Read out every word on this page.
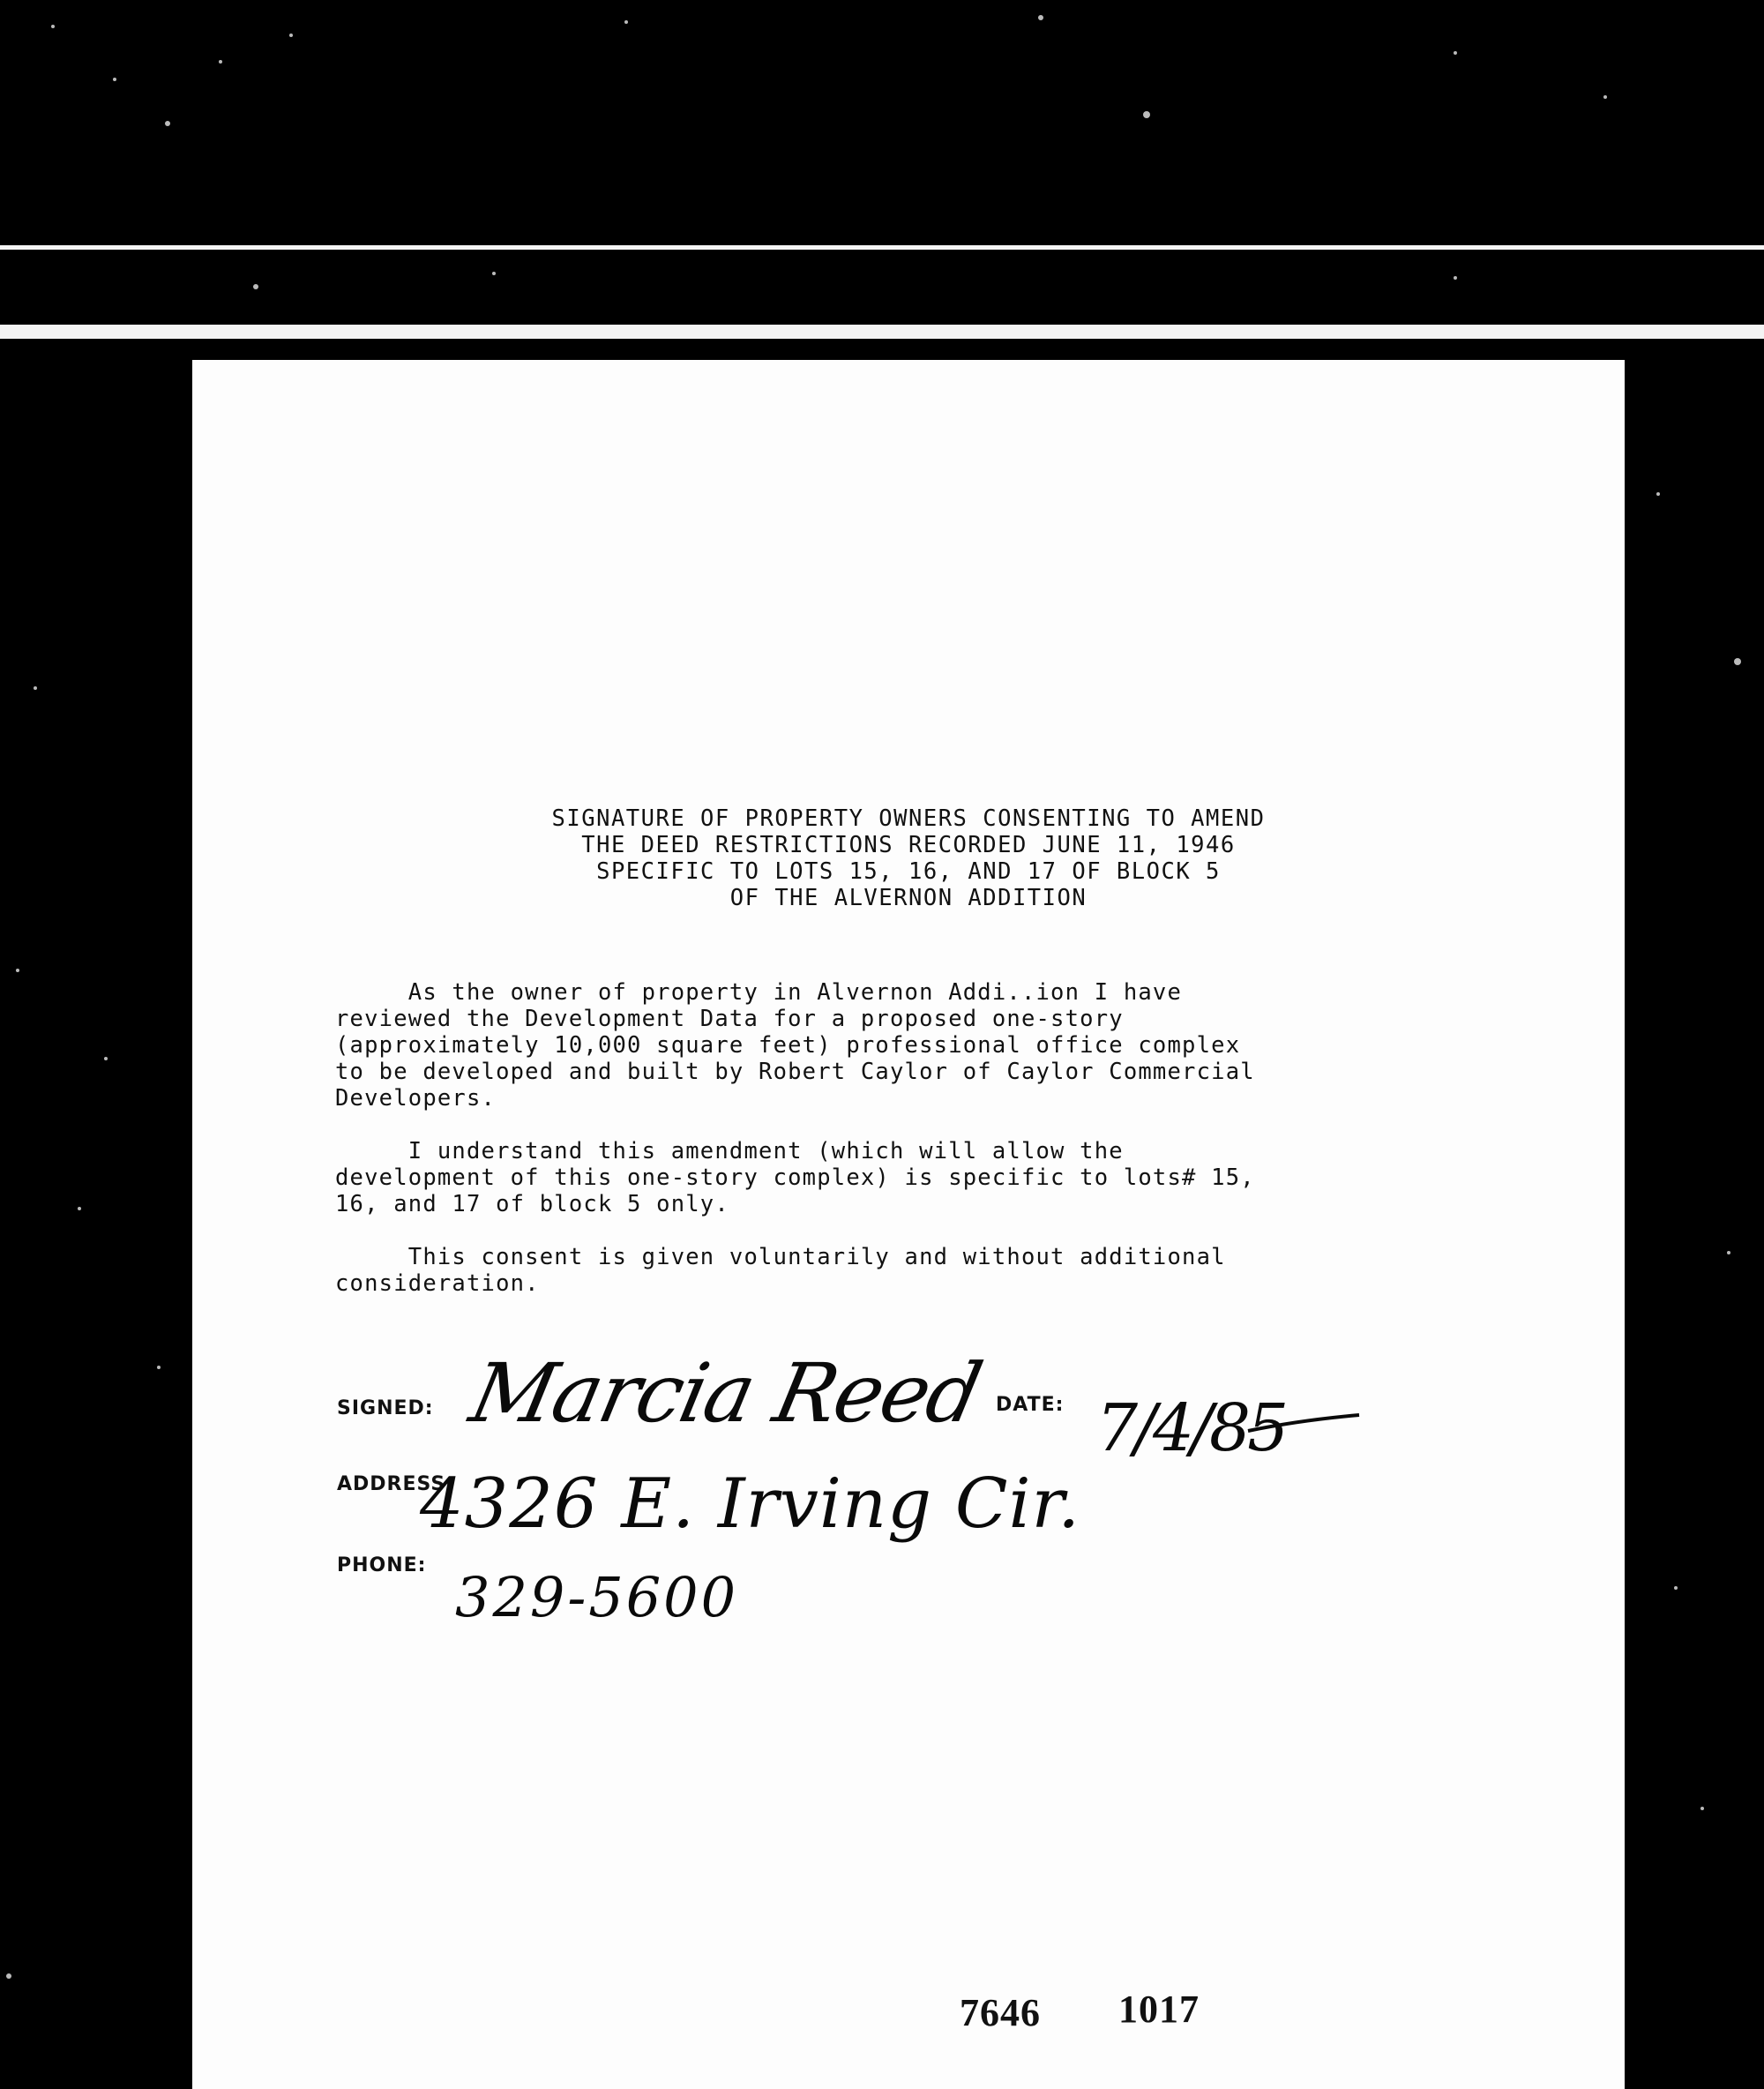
SIGNATURE OF PROPERTY OWNERS CONSENTING TO AMEND
THE DEED RESTRICTIONS RECORDED JUNE 11, 1946
SPECIFIC TO LOTS 15, 16, AND 17 OF BLOCK 5
OF THE ALVERNON ADDITION
As the owner of property in Alvernon Addi..ion I have
reviewed the Development Data for a proposed one-story
(approximately 10,000 square feet) professional office complex
to be developed and built by Robert Caylor of Caylor Commercial
Developers.
I understand this amendment (which will allow the
development of this one-story complex) is specific to lots# 15,
16, and 17 of block 5 only.
This consent is given voluntarily and without additional
consideration.
SIGNED:	DATE:
ADDRESS:
PHONE:
Marcia Reed 7/4/85
4326 E. Irving Cir.
329-5600
7646 1017
